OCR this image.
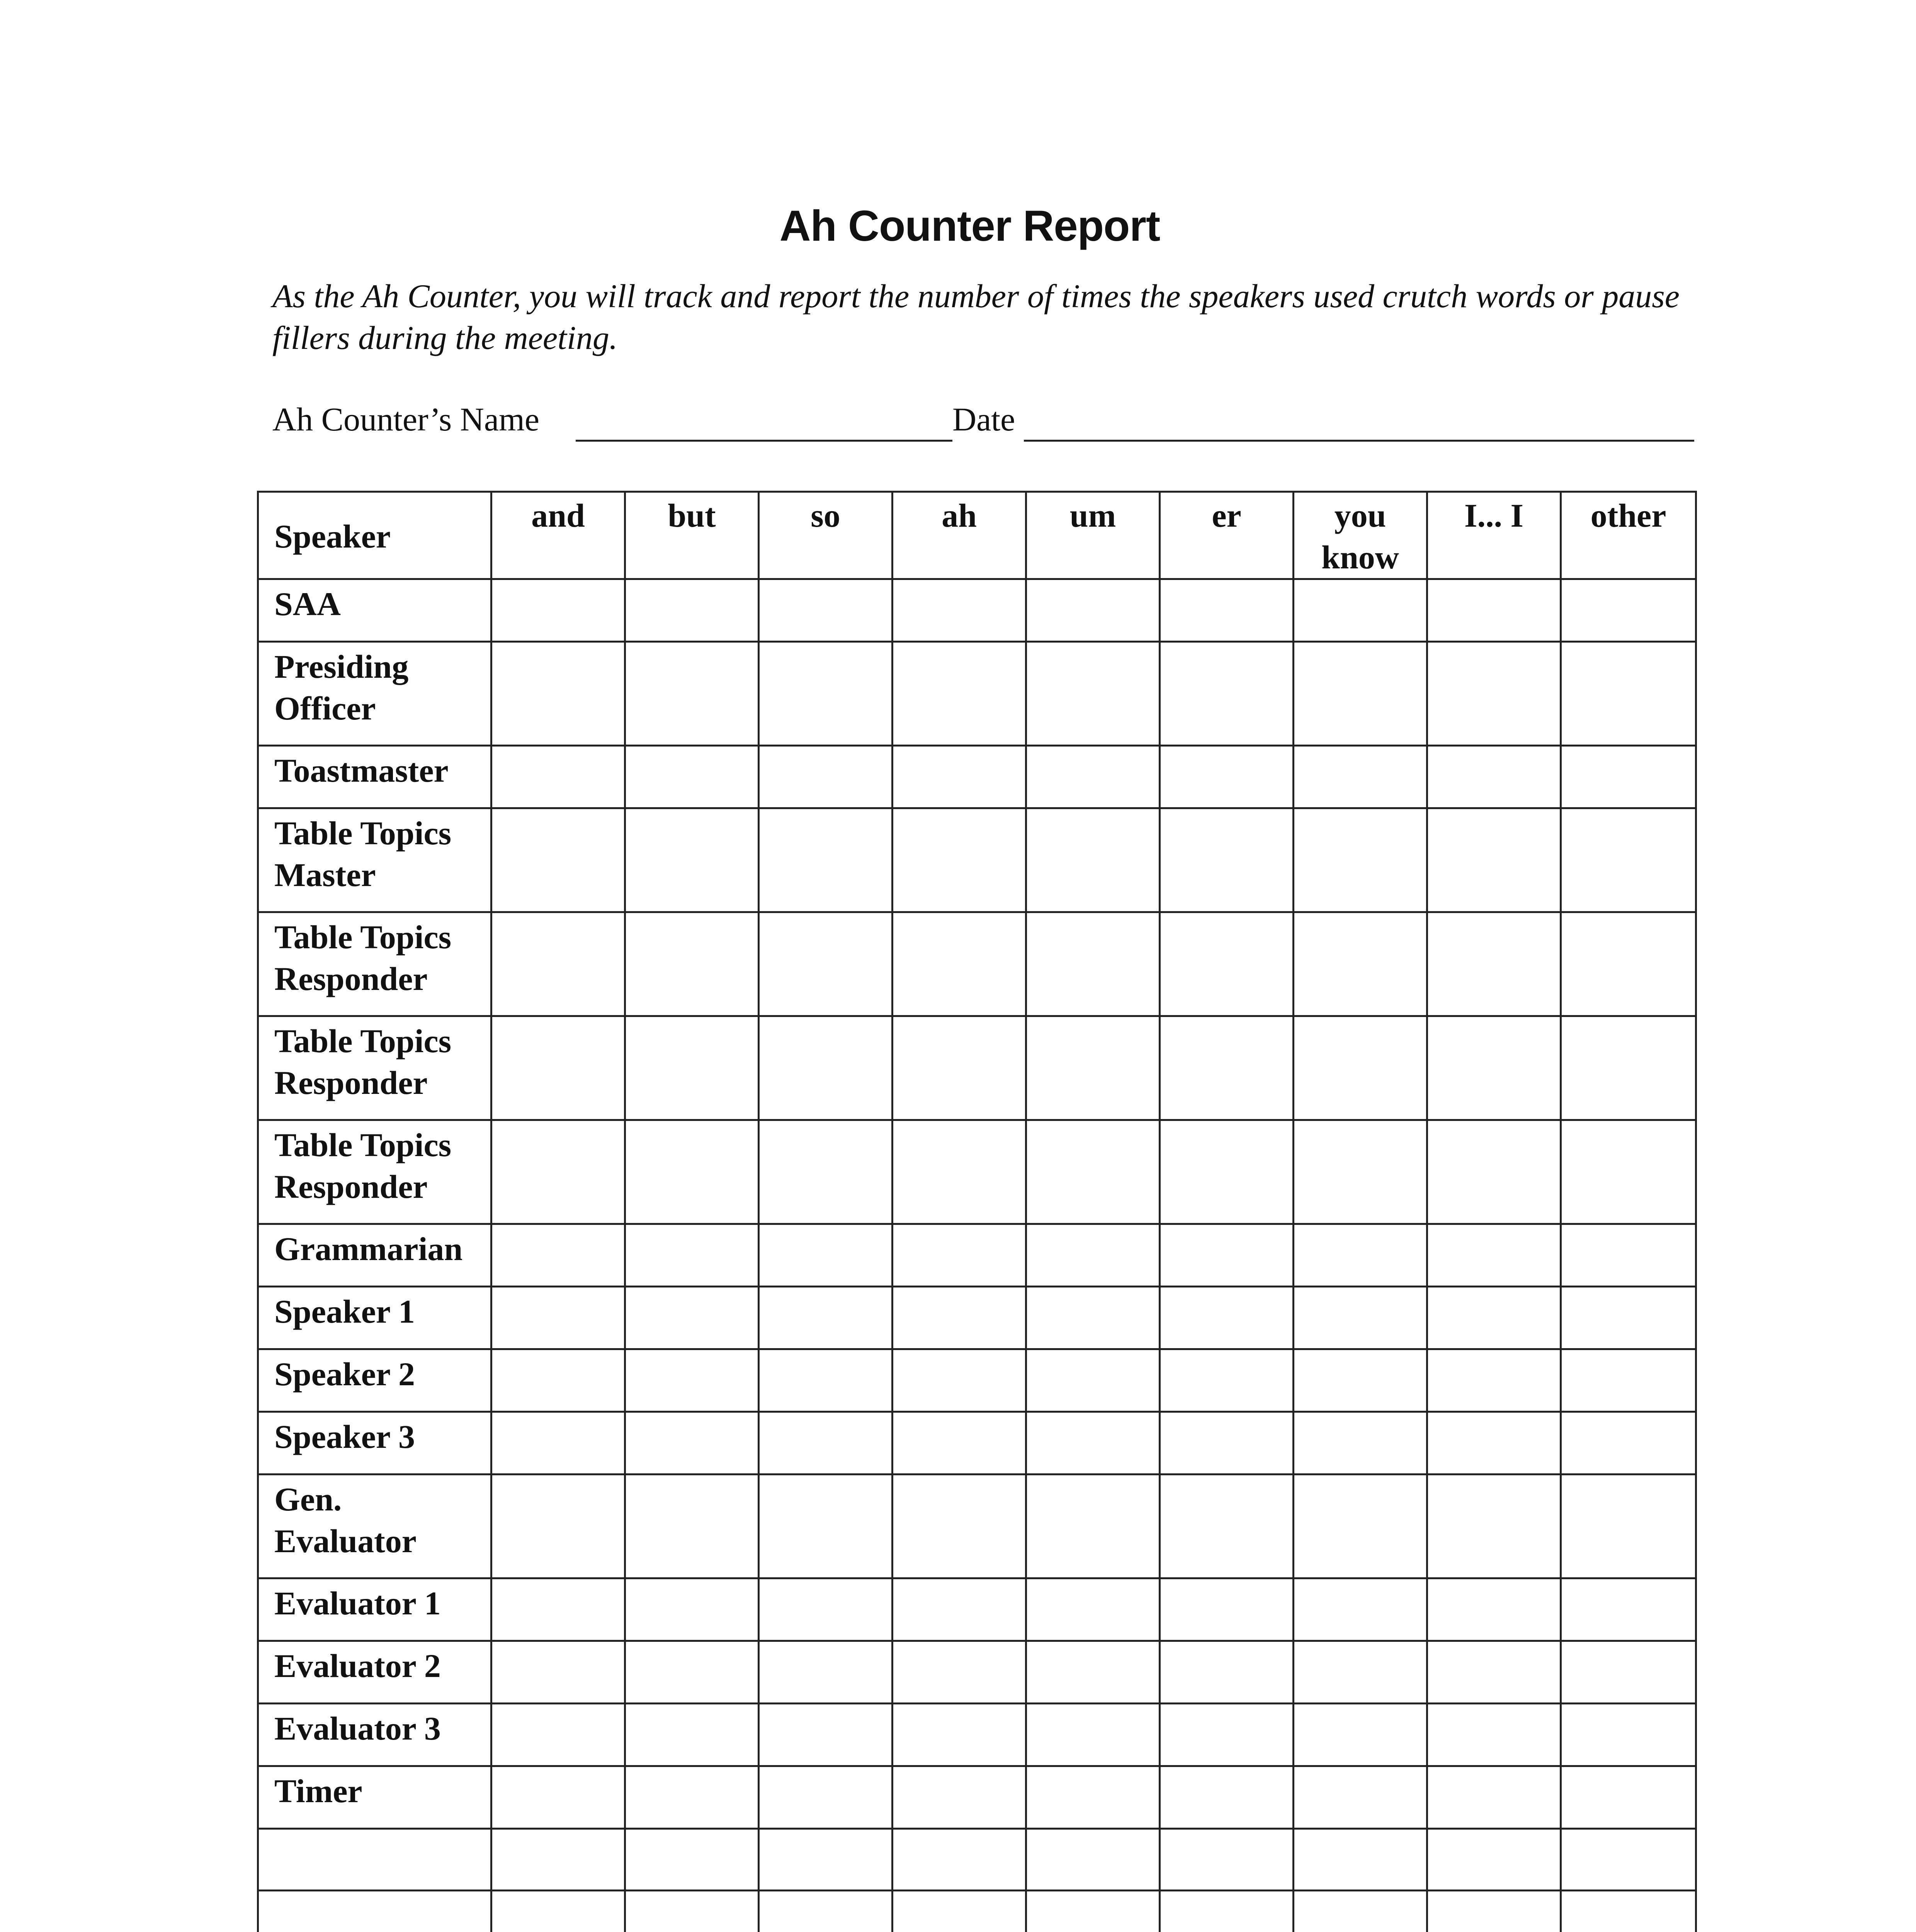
Ah Counter Report
As the Ah Counter, you will track and report the number of times the speakers used crutch words or pause fillers during the meeting.
Ah Counter’s Name	Date
Speaker	and	but	so	ah	um	er	you know	I... I	other
SAA									
Presiding Officer									
Toastmaster									
Table Topics Master									
Table Topics Responder									
Table Topics Responder									
Table Topics Responder									
Grammarian									
Speaker 1									
Speaker 2									
Speaker 3									
Gen. Evaluator									
Evaluator 1									
Evaluator 2									
Evaluator 3									
Timer									
